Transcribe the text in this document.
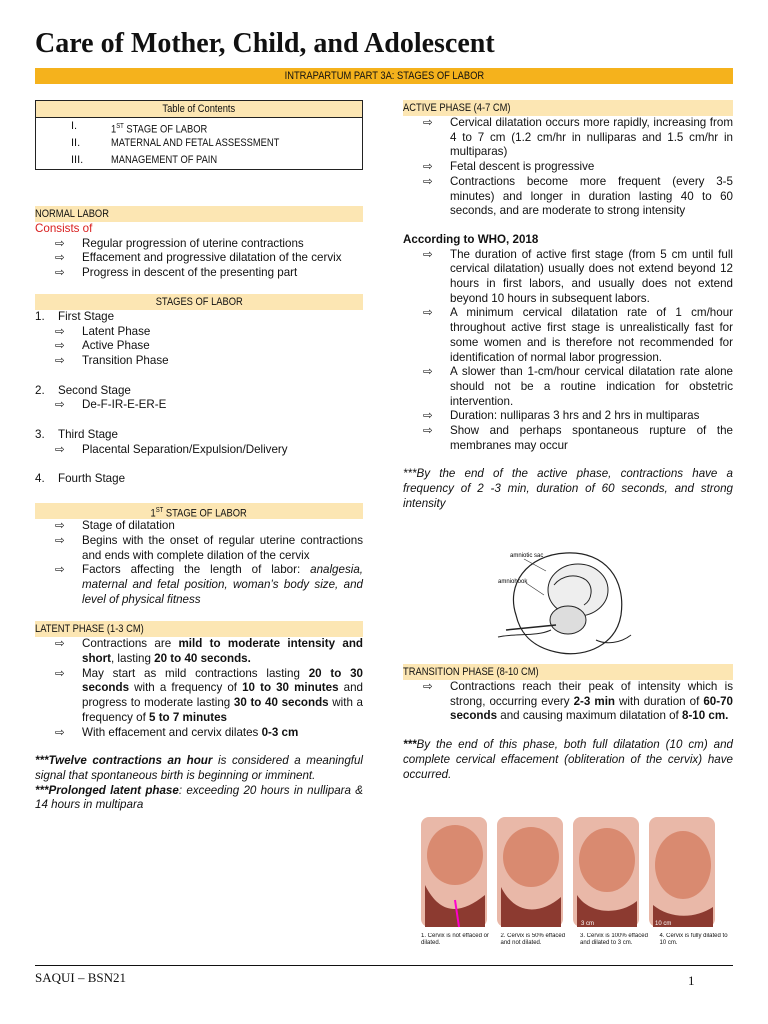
Care of Mother, Child, and Adolescent
INTRAPARTUM PART 3A: STAGES OF LABOR
Table of Contents
I.	1ST STAGE OF LABOR
II.	MATERNAL AND FETAL ASSESSMENT
III.	MANAGEMENT OF PAIN
NORMAL LABOR
Consists of
⇨ Regular progression of uterine contractions
⇨ Effacement and progressive dilatation of the cervix
⇨ Progress in descent of the presenting part
STAGES OF LABOR
1. First Stage
⇨ Latent Phase
⇨ Active Phase
⇨ Transition Phase
2. Second Stage
⇨ De-F-IR-E-ER-E
3. Third Stage
⇨ Placental Separation/Expulsion/Delivery
4. Fourth Stage
1ST STAGE OF LABOR
⇨ Stage of dilatation
⇨ Begins with the onset of regular uterine contractions and ends with complete dilation of the cervix
⇨ Factors affecting the length of labor: analgesia, maternal and fetal position, woman’s body size, and level of physical fitness
LATENT PHASE (1-3 CM)
⇨ Contractions are mild to moderate intensity and short, lasting 20 to 40 seconds.
⇨ May start as mild contractions lasting 20 to 30 seconds with a frequency of 10 to 30 minutes and progress to moderate lasting 30 to 40 seconds with a frequency of 5 to 7 minutes
⇨ With effacement and cervix dilates 0-3 cm
***Twelve contractions an hour is considered a meaningful signal that spontaneous birth is beginning or imminent.
***Prolonged latent phase: exceeding 20 hours in nullipara & 14 hours in multipara
ACTIVE PHASE (4-7 CM)
⇨ Cervical dilatation occurs more rapidly, increasing from 4 to 7 cm (1.2 cm/hr in nulliparas and 1.5 cm/hr in multiparas)
⇨ Fetal descent is progressive
⇨ Contractions become more frequent (every 3-5 minutes) and longer in duration lasting 40 to 60 seconds, and are moderate to strong intensity
According to WHO, 2018
⇨ The duration of active first stage (from 5 cm until full cervical dilatation) usually does not extend beyond 12 hours in first labors, and usually does not extend beyond 10 hours in subsequent labors.
⇨ A minimum cervical dilatation rate of 1 cm/hour throughout active first stage is unrealistically fast for some women and is therefore not recommended for identification of normal labor progression.
⇨ A slower than 1-cm/hour cervical dilatation rate alone should not be a routine indication for obstetric intervention.
⇨ Duration: nulliparas 3 hrs and 2 hrs in multiparas
⇨ Show and perhaps spontaneous rupture of the membranes may occur
***By the end of the active phase, contractions have a frequency of 2 -3 min, duration of 60 seconds, and strong intensity
TRANSITION PHASE (8-10 CM)
⇨ Contractions reach their peak of intensity which is strong, occurring every 2-3 min with duration of 60-70 seconds and causing maximum dilatation of 8-10 cm.
***By the end of this phase, both full dilatation (10 cm) and complete cervical effacement (obliteration of the cervix) have occurred.
amniotic sac
amniohook
3 cm	10 cm
1. Cervix is not effaced or dilated.
2. Cervix is 50% effaced and not dilated.
3. Cervix is 100% effaced and dilated to 3 cm.
4. Cervix is fully dilated to 10 cm.
SAQUI – BSN21	1
